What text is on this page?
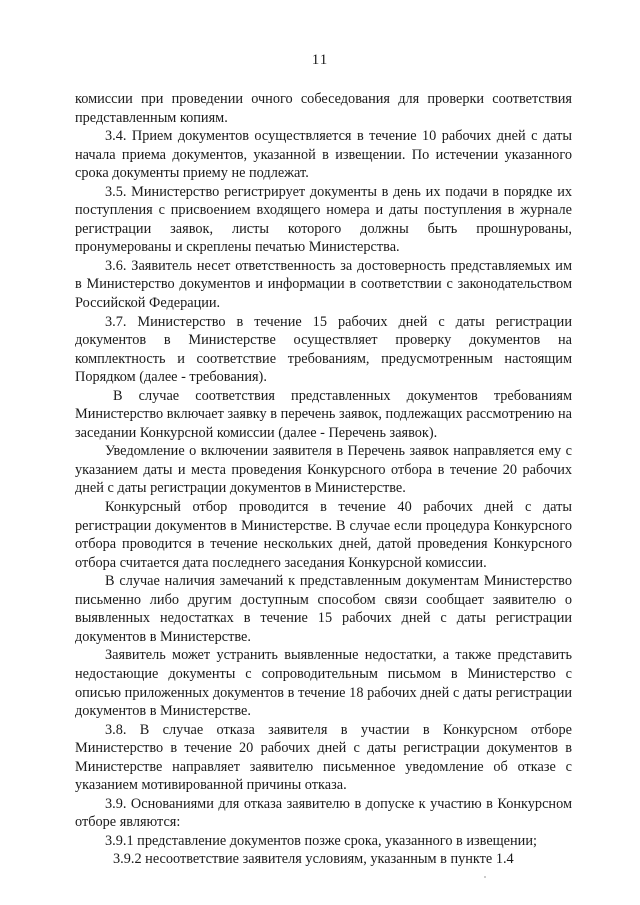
11

комиссии при проведении очного собеседования для проверки соответствия представленным копиям.

3.4. Прием документов осуществляется в течение 10 рабочих дней с даты начала приема документов, указанной в извещении. По истечении указанного срока документы приему не подлежат.

3.5. Министерство регистрирует документы в день их подачи в порядке их поступления с присвоением входящего номера и даты поступления в журнале регистрации заявок, листы которого должны быть прошнурованы, пронумерованы и скреплены печатью Министерства.

3.6. Заявитель несет ответственность за достоверность представляемых им в Министерство документов и информации в соответствии с законодательством Российской Федерации.

3.7. Министерство в течение 15 рабочих дней с даты регистрации документов в Министерстве осуществляет проверку документов на комплектность и соответствие требованиям, предусмотренным настоящим Порядком (далее - требования).

В случае соответствия представленных документов требованиям Министерство включает заявку в перечень заявок, подлежащих рассмотрению на заседании Конкурсной комиссии (далее - Перечень заявок).

Уведомление о включении заявителя в Перечень заявок направляется ему с указанием даты и места проведения Конкурсного отбора в течение 20 рабочих дней с даты регистрации документов в Министерстве.

Конкурсный отбор проводится в течение 40 рабочих дней с даты регистрации документов в Министерстве. В случае если процедура Конкурсного отбора проводится в течение нескольких дней, датой проведения Конкурсного отбора считается дата последнего заседания Конкурсной комиссии.

В случае наличия замечаний к представленным документам Министерство письменно либо другим доступным способом связи сообщает заявителю о выявленных недостатках в течение 15 рабочих дней с даты регистрации документов в Министерстве.

Заявитель может устранить выявленные недостатки, а также представить недостающие документы с сопроводительным письмом в Министерство с описью приложенных документов в течение 18 рабочих дней с даты регистрации документов в Министерстве.

3.8. В случае отказа заявителя в участии в Конкурсном отборе Министерство в течение 20 рабочих дней с даты регистрации документов в Министерстве направляет заявителю письменное уведомление об отказе с указанием мотивированной причины отказа.

3.9. Основаниями для отказа заявителю в допуске к участию в Конкурсном отборе являются:

3.9.1 представление документов позже срока, указанного в извещении;

3.9.2 несоответствие заявителя условиям, указанным в пункте 1.4
